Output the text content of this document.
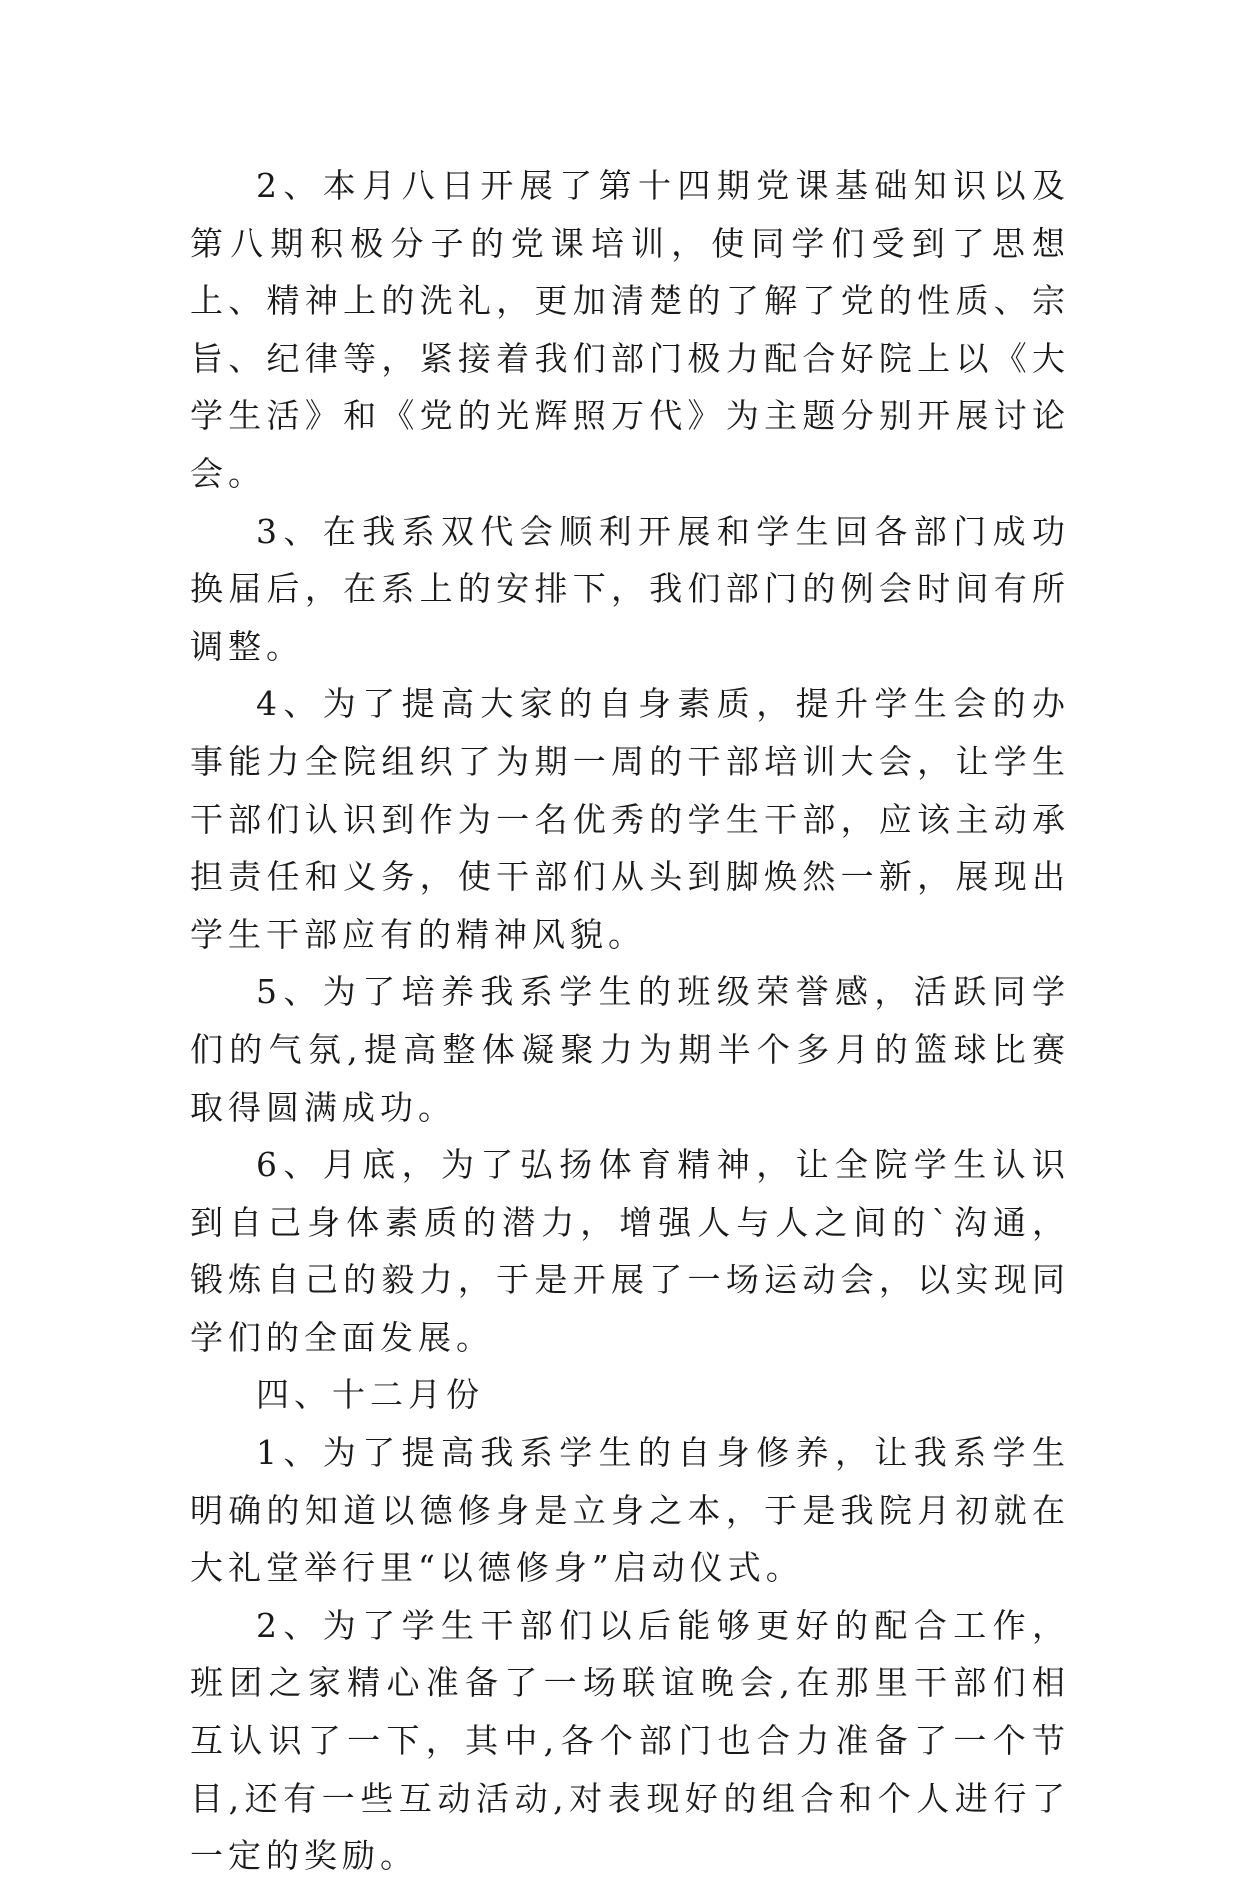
2、本月八日开展了第十四期党课基础知识以及第八期积极分子的党课培训，使同学们受到了思想上、精神上的洗礼，更加清楚的了解了党的性质、宗旨、纪律等，紧接着我们部门极力配合好院上以《大学生活》和《党的光辉照万代》为主题分别开展讨论会。

3、在我系双代会顺利开展和学生回各部门成功换届后，在系上的安排下，我们部门的例会时间有所调整。

4、为了提高大家的自身素质，提升学生会的办事能力全院组织了为期一周的干部培训大会，让学生干部们认识到作为一名优秀的学生干部，应该主动承担责任和义务，使干部们从头到脚焕然一新，展现出学生干部应有的精神风貌。

5、为了培养我系学生的班级荣誉感，活跃同学们的气氛,提高整体凝聚力为期半个多月的篮球比赛取得圆满成功。

6、月底，为了弘扬体育精神，让全院学生认识到自己身体素质的潜力，增强人与人之间的`沟通，锻炼自己的毅力，于是开展了一场运动会，以实现同学们的全面发展。

四、十二月份

1、为了提高我系学生的自身修养，让我系学生明确的知道以德修身是立身之本，于是我院月初就在大礼堂举行里“以德修身”启动仪式。

2、为了学生干部们以后能够更好的配合工作，班团之家精心准备了一场联谊晚会,在那里干部们相互认识了一下，其中,各个部门也合力准备了一个节目,还有一些互动活动,对表现好的组合和个人进行了一定的奖励。
